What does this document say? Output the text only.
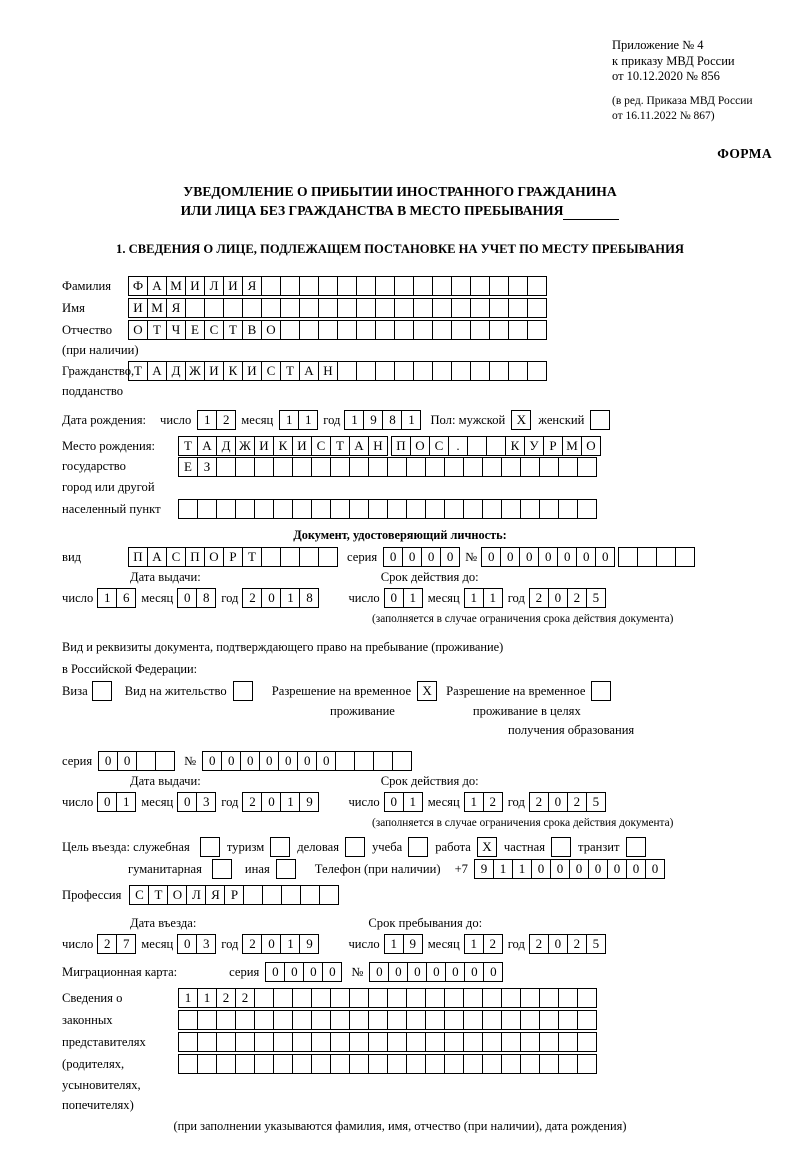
Приложение № 4
к приказу МВД России
от 10.12.2020 № 856
(в ред. Приказа МВД России
от 16.11.2022 № 867)
ФОРМА
УВЕДОМЛЕНИЕ О ПРИБЫТИИ ИНОСТРАННОГО ГРАЖДАНИНА
ИЛИ ЛИЦА БЕЗ ГРАЖДАНСТВА В МЕСТО ПРЕБЫВАНИЯ
1. СВЕДЕНИЯ О ЛИЦЕ, ПОДЛЕЖАЩЕМ ПОСТАНОВКЕ НА УЧЕТ ПО МЕСТУ ПРЕБЫВАНИЯ
Фамилия	Ф А М И Л И Я
Имя	И М Я
Отчество	О Т Ч Е С Т В О
(при наличии)
Гражданство, Т А Д Ж И К И С Т А Н
подданство
Дата рождения: число 1 2 месяц 1 1 год 1 9 8 1	Пол: мужской X женский
Место рождения:	Т А Д Ж И К И С Т А Н	П О С	.	К У Р М О
государство	Е З
город или другой
населенный пункт
Документ, удостоверяющий личность:
вид	П А С П О Р Т	серия 0 0 0 0 № 0 0 0 0 0 0 0
Дата выдачи:	Срок действия до:
число 1 6 месяц 0 8 год 2 0 1 8	число 0 1 месяц 1 1 год 2 0 2 5
(заполняется в случае ограничения срока действия документа)
Вид и реквизиты документа, подтверждающего право на пребывание (проживание)
в Российской Федерации:
Виза	Вид на жительство	Разрешение на временное X	Разрешение на временное
проживание	проживание в целях
получения образования
серия 0 0	№ 0 0 0 0 0 0 0
Дата выдачи:	Срок действия до:
число 0 1 месяц 0 3 год 2 0 1 9	число 0 1 месяц 1 2 год 2 0 2 5
(заполняется в случае ограничения срока действия документа)
Цель въезда: служебная	туризм	деловая	учеба	работа X частная	транзит
гуманитарная	иная	Телефон (при наличии) +7 9 1 1 0 0 0 0 0 0 0
Профессия	С Т О Л Я Р
Дата въезда:	Срок пребывания до:
число 2 7 месяц 0 3 год 2 0 1 9	число 1 9 месяц 1 2 год 2 0 2 5
Миграционная карта:	серия 0 0 0 0	№ 0 0 0 0 0 0 0
Сведения о	1 1 2 2
законных
представителях
(родителях,
усыновителях,
попечителях)
(при заполнении указываются фамилия, имя, отчество (при наличии), дата рождения)
